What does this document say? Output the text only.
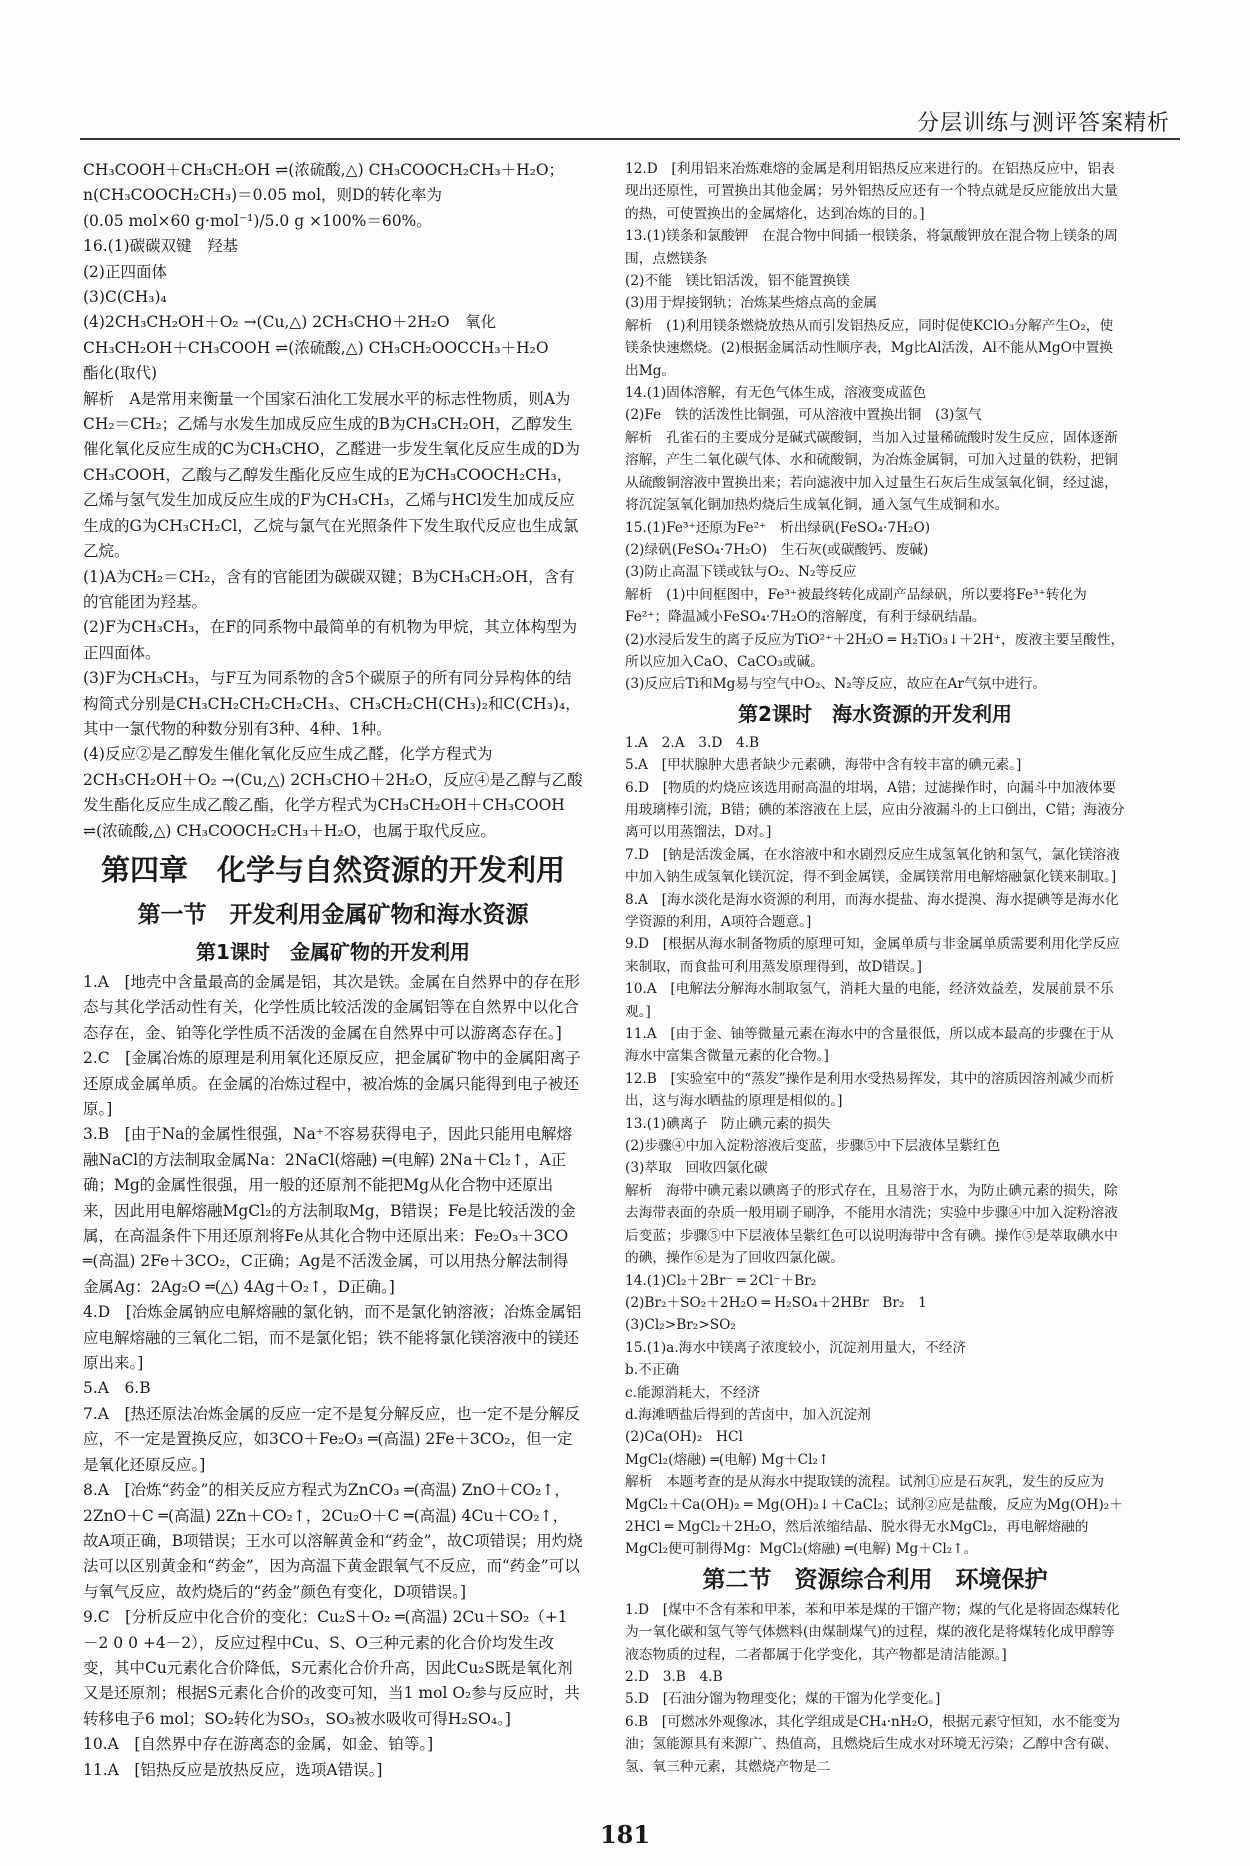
分层训练与测评答案精析

CH₃COOH＋CH₃CH₂OH ⇌(浓硫酸,△) CH₃COOCH₂CH₃＋H₂O；

n(CH₃COOCH₂CH₃)＝0.05 mol，则D的转化率为

(0.05 mol×60 g·mol⁻¹)/5.0 g ×100%＝60%。

16.(1)碳碳双键　羟基

(2)正四面体

(3)C(CH₃)₄

(4)2CH₃CH₂OH＋O₂ →(Cu,△) 2CH₃CHO＋2H₂O　氧化

CH₃CH₂OH＋CH₃COOH ⇌(浓硫酸,△) CH₃CH₂OOCCH₃＋H₂O

酯化(取代)

解析　A是常用来衡量一个国家石油化工发展水平的标志性物质，则A为CH₂＝CH₂；乙烯与水发生加成反应生成的B为CH₃CH₂OH，乙醇发生催化氧化反应生成的C为CH₃CHO，乙醛进一步发生氧化反应生成的D为CH₃COOH，乙酸与乙醇发生酯化反应生成的E为CH₃COOCH₂CH₃，乙烯与氢气发生加成反应生成的F为CH₃CH₃，乙烯与HCl发生加成反应生成的G为CH₃CH₂Cl，乙烷与氯气在光照条件下发生取代反应也生成氯乙烷。

(1)A为CH₂＝CH₂，含有的官能团为碳碳双键；B为CH₃CH₂OH，含有的官能团为羟基。

(2)F为CH₃CH₃，在F的同系物中最简单的有机物为甲烷，其立体构型为正四面体。

(3)F为CH₃CH₃，与F互为同系物的含5个碳原子的所有同分异构体的结构简式分别是CH₃CH₂CH₂CH₂CH₃、CH₃CH₂CH(CH₃)₂和C(CH₃)₄，其中一氯代物的种数分别有3种、4种、1种。

(4)反应②是乙醇发生催化氧化反应生成乙醛，化学方程式为2CH₃CH₂OH＋O₂ →(Cu,△) 2CH₃CHO＋2H₂O，反应④是乙醇与乙酸发生酯化反应生成乙酸乙酯，化学方程式为CH₃CH₂OH＋CH₃COOH ⇌(浓硫酸,△) CH₃COOCH₂CH₃＋H₂O，也属于取代反应。

第四章　化学与自然资源的开发利用

第一节　开发利用金属矿物和海水资源

第1课时　金属矿物的开发利用

1.A　[地壳中含量最高的金属是铝，其次是铁。金属在自然界中的存在形态与其化学活动性有关，化学性质比较活泼的金属铝等在自然界中以化合态存在，金、铂等化学性质不活泼的金属在自然界中可以游离态存在。]

2.C　[金属冶炼的原理是利用氧化还原反应，把金属矿物中的金属阳离子还原成金属单质。在金属的冶炼过程中，被冶炼的金属只能得到电子被还原。]

3.B　[由于Na的金属性很强，Na⁺不容易获得电子，因此只能用电解熔融NaCl的方法制取金属Na：2NaCl(熔融) ═(电解) 2Na＋Cl₂↑，A正确；Mg的金属性很强，用一般的还原剂不能把Mg从化合物中还原出来，因此用电解熔融MgCl₂的方法制取Mg，B错误；Fe是比较活泼的金属，在高温条件下用还原剂将Fe从其化合物中还原出来：Fe₂O₃＋3CO ═(高温) 2Fe＋3CO₂，C正确；Ag是不活泼金属，可以用热分解法制得金属Ag：2Ag₂O ═(△) 4Ag＋O₂↑，D正确。]

4.D　[冶炼金属钠应电解熔融的氯化钠，而不是氯化钠溶液；冶炼金属铝应电解熔融的三氧化二铝，而不是氯化铝；铁不能将氯化镁溶液中的镁还原出来。]

5.A　6.B

7.A　[热还原法冶炼金属的反应一定不是复分解反应，也一定不是分解反应，不一定是置换反应，如3CO＋Fe₂O₃ ═(高温) 2Fe＋3CO₂，但一定是氧化还原反应。]

8.A　[冶炼“药金”的相关反应方程式为ZnCO₃ ═(高温) ZnO＋CO₂↑，2ZnO＋C ═(高温) 2Zn＋CO₂↑，2Cu₂O＋C ═(高温) 4Cu＋CO₂↑，故A项正确，B项错误；王水可以溶解黄金和“药金”，故C项错误；用灼烧法可以区别黄金和“药金”，因为高温下黄金跟氧气不反应，而“药金”可以与氧气反应，故灼烧后的“药金”颜色有变化，D项错误。]

9.C　[分析反应中化合价的变化：Cu₂S＋O₂ ═(高温) 2Cu＋SO₂（+1 －2 0 0 +4－2），反应过程中Cu、S、O三种元素的化合价均发生改变，其中Cu元素化合价降低，S元素化合价升高，因此Cu₂S既是氧化剂又是还原剂；根据S元素化合价的改变可知，当1 mol O₂参与反应时，共转移电子6 mol；SO₂转化为SO₃，SO₃被水吸收可得H₂SO₄。]

10.A　[自然界中存在游离态的金属，如金、铂等。]

11.A　[铝热反应是放热反应，选项A错误。]

12.D　[利用铝来冶炼难熔的金属是利用铝热反应来进行的。在铝热反应中，铝表现出还原性，可置换出其他金属；另外铝热反应还有一个特点就是反应能放出大量的热，可使置换出的金属熔化，达到冶炼的目的。]

13.(1)镁条和氯酸钾　在混合物中间插一根镁条，将氯酸钾放在混合物上镁条的周围，点燃镁条

(2)不能　镁比铝活泼，铝不能置换镁

(3)用于焊接钢轨；冶炼某些熔点高的金属

解析　(1)利用镁条燃烧放热从而引发铝热反应，同时促使KClO₃分解产生O₂，使镁条快速燃烧。(2)根据金属活动性顺序表，Mg比Al活泼，Al不能从MgO中置换出Mg。

14.(1)固体溶解，有无色气体生成，溶液变成蓝色

(2)Fe　铁的活泼性比铜强，可从溶液中置换出铜　(3)氢气

解析　孔雀石的主要成分是碱式碳酸铜，当加入过量稀硫酸时发生反应，固体逐渐溶解，产生二氧化碳气体、水和硫酸铜，为冶炼金属铜，可加入过量的铁粉，把铜从硫酸铜溶液中置换出来；若向滤液中加入过量生石灰后生成氢氧化铜，经过滤，将沉淀氢氧化铜加热灼烧后生成氧化铜，通入氢气生成铜和水。

15.(1)Fe³⁺还原为Fe²⁺　析出绿矾(FeSO₄·7H₂O)

(2)绿矾(FeSO₄·7H₂O)　生石灰(或碳酸钙、废碱)

(3)防止高温下镁或钛与O₂、N₂等反应

解析　(1)中间框图中，Fe³⁺被最终转化成副产品绿矾，所以要将Fe³⁺转化为Fe²⁺；降温减小FeSO₄·7H₂O的溶解度，有利于绿矾结晶。

(2)水浸后发生的离子反应为TiO²⁺＋2H₂O ═ H₂TiO₃↓＋2H⁺，废液主要呈酸性，所以应加入CaO、CaCO₃或碱。

(3)反应后Ti和Mg易与空气中O₂、N₂等反应，故应在Ar气氛中进行。

第2课时　海水资源的开发利用

1.A　2.A　3.D　4.B

5.A　[甲状腺肿大患者缺少元素碘，海带中含有较丰富的碘元素。]

6.D　[物质的灼烧应该选用耐高温的坩埚，A错；过滤操作时，向漏斗中加液体要用玻璃棒引流，B错；碘的苯溶液在上层，应由分液漏斗的上口倒出，C错；海液分离可以用蒸馏法，D对。]

7.D　[钠是活泼金属，在水溶液中和水剧烈反应生成氢氧化钠和氢气，氯化镁溶液中加入钠生成氢氧化镁沉淀，得不到金属镁，金属镁常用电解熔融氯化镁来制取。]

8.A　[海水淡化是海水资源的利用，而海水提盐、海水提溴、海水提碘等是海水化学资源的利用，A项符合题意。]

9.D　[根据从海水制备物质的原理可知，金属单质与非金属单质需要利用化学反应来制取，而食盐可利用蒸发原理得到，故D错误。]

10.A　[电解法分解海水制取氢气，消耗大量的电能，经济效益差，发展前景不乐观。]

11.A　[由于金、铀等微量元素在海水中的含量很低，所以成本最高的步骤在于从海水中富集含微量元素的化合物。]

12.B　[实验室中的“蒸发”操作是利用水受热易挥发，其中的溶质因溶剂减少而析出，这与海水晒盐的原理是相似的。]

13.(1)碘离子　防止碘元素的损失

(2)步骤④中加入淀粉溶液后变蓝，步骤⑤中下层液体呈紫红色

(3)萃取　回收四氯化碳

解析　海带中碘元素以碘离子的形式存在，且易溶于水，为防止碘元素的损失，除去海带表面的杂质一般用刷子刷净，不能用水清洗；实验中步骤④中加入淀粉溶液后变蓝；步骤⑤中下层液体呈紫红色可以说明海带中含有碘。操作⑤是萃取碘水中的碘，操作⑥是为了回收四氯化碳。

14.(1)Cl₂＋2Br⁻ ═ 2Cl⁻＋Br₂

(2)Br₂＋SO₂＋2H₂O ═ H₂SO₄＋2HBr　Br₂　1

(3)Cl₂>Br₂>SO₂

15.(1)a.海水中镁离子浓度较小，沉淀剂用量大，不经济

b.不正确

c.能源消耗大，不经济

d.海滩晒盐后得到的苦卤中，加入沉淀剂

(2)Ca(OH)₂　HCl

MgCl₂(熔融) ═(电解) Mg＋Cl₂↑

解析　本题考查的是从海水中提取镁的流程。试剂①应是石灰乳，发生的反应为MgCl₂＋Ca(OH)₂ ═ Mg(OH)₂↓＋CaCl₂；试剂②应是盐酸，反应为Mg(OH)₂＋2HCl ═ MgCl₂＋2H₂O，然后浓缩结晶、脱水得无水MgCl₂，再电解熔融的MgCl₂便可制得Mg：MgCl₂(熔融) ═(电解) Mg＋Cl₂↑。

第二节　资源综合利用　环境保护

1.D　[煤中不含有苯和甲苯，苯和甲苯是煤的干馏产物；煤的气化是将固态煤转化为一氧化碳和氢气等气体燃料(由煤制煤气)的过程，煤的液化是将煤转化成甲醇等液态物质的过程，二者都属于化学变化，其产物都是清洁能源。]

2.D　3.B　4.B

5.D　[石油分馏为物理变化；煤的干馏为化学变化。]

6.B　[可燃冰外观像冰，其化学组成是CH₄·nH₂O，根据元素守恒知，水不能变为油；氢能源具有来源广、热值高，且燃烧后生成水对环境无污染；乙醇中含有碳、氢、氧三种元素，其燃烧产物是二

181
